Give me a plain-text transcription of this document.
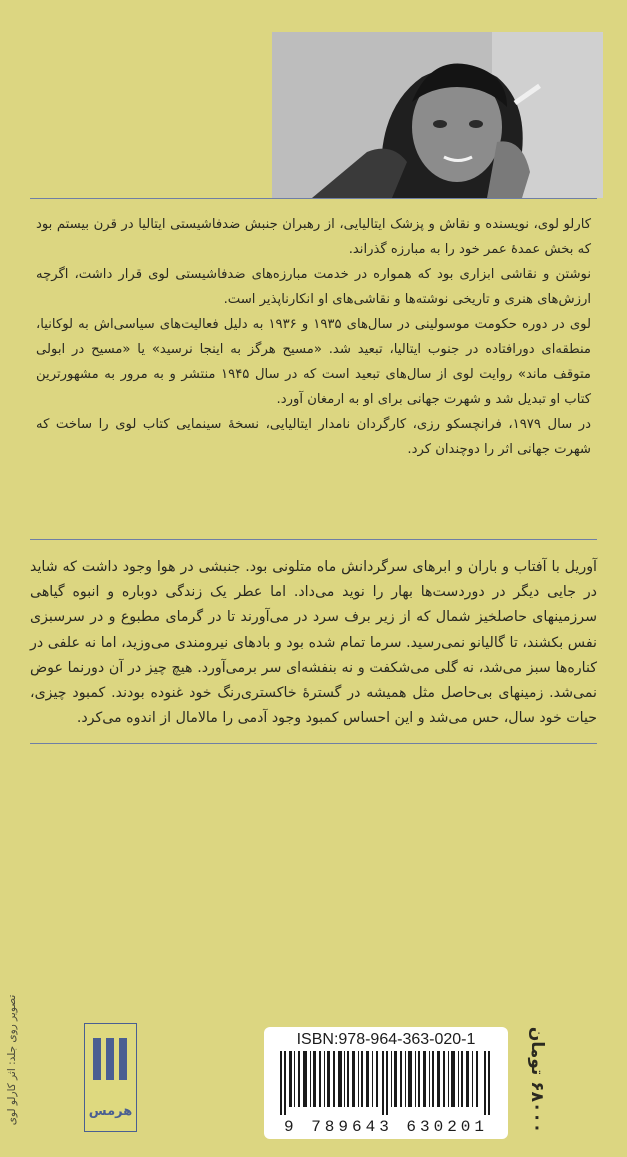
کارلو لوی، نویسنده و نقاش و پزشک ایتالیایی، از رهبران جنبش ضدفاشیستی ایتالیا در قرن بیستم بود که بخش عمدهٔ عمر خود را به مبارزه گذراند.

نوشتن و نقاشی ابزاری بود که همواره در خدمت مبارزه‌های ضدفاشیستی لوی قرار داشت، اگرچه ارزش‌های هنری و تاریخی نوشته‌ها و نقاشی‌های او انکارناپذیر است.

لوی در دوره حکومت موسولینی در سال‌های ۱۹۳۵ و ۱۹۳۶ به دلیل فعالیت‌های سیاسی‌اش به لوکانیا، منطقه‌ای دورافتاده در جنوب ایتالیا، تبعید شد. «مسیح هرگز به اینجا نرسید» یا «مسیح در ابولی متوقف ماند» روایت لوی از سال‌های تبعید است که در سال ۱۹۴۵ منتشر و به مرور به مشهورترین کتاب او تبدیل شد و شهرت جهانی برای او به ارمغان آورد.

در سال ۱۹۷۹، فرانچسکو رزی، کارگردان نامدار ایتالیایی، نسخهٔ سینمایی کتاب لوی را ساخت که شهرت جهانی اثر را دوچندان کرد.

آوریل با آفتاب و باران و ابرهای سرگردانش ماه متلونی بود. جنبشی در هوا وجود داشت که شاید در جایی دیگر در دوردست‌ها بهار را نوید می‌داد. اما عطر یک زندگی دوباره و انبوه گیاهی سرزمینهای حاصلخیز شمال که از زیر برف سرد در می‌آورند تا در گرمای مطبوع و در سرسبزی نفس بکشند، تا گالیانو نمی‌رسید. سرما تمام شده بود و بادهای نیرومندی می‌وزید، اما نه علفی در کناره‌ها سبز می‌شد، نه گلی می‌شکفت و نه بنفشه‌ای سر برمی‌آورد. هیچ چیز در آن دورنما عوض نمی‌شد. زمینهای بی‌حاصل مثل همیشه در گسترهٔ خاکستری‌رنگ خود غنوده بودند. کمبود چیزی، حیات خود سال، حس می‌شد و این احساس کمبود وجود آدمی را مالامال از اندوه می‌کرد.

تصویر روی جلد: اثر کارلو لوی	هرمس
ISBN:978-964-363-020-1
9 789643 630201
۶۸۰۰۰ تومان
